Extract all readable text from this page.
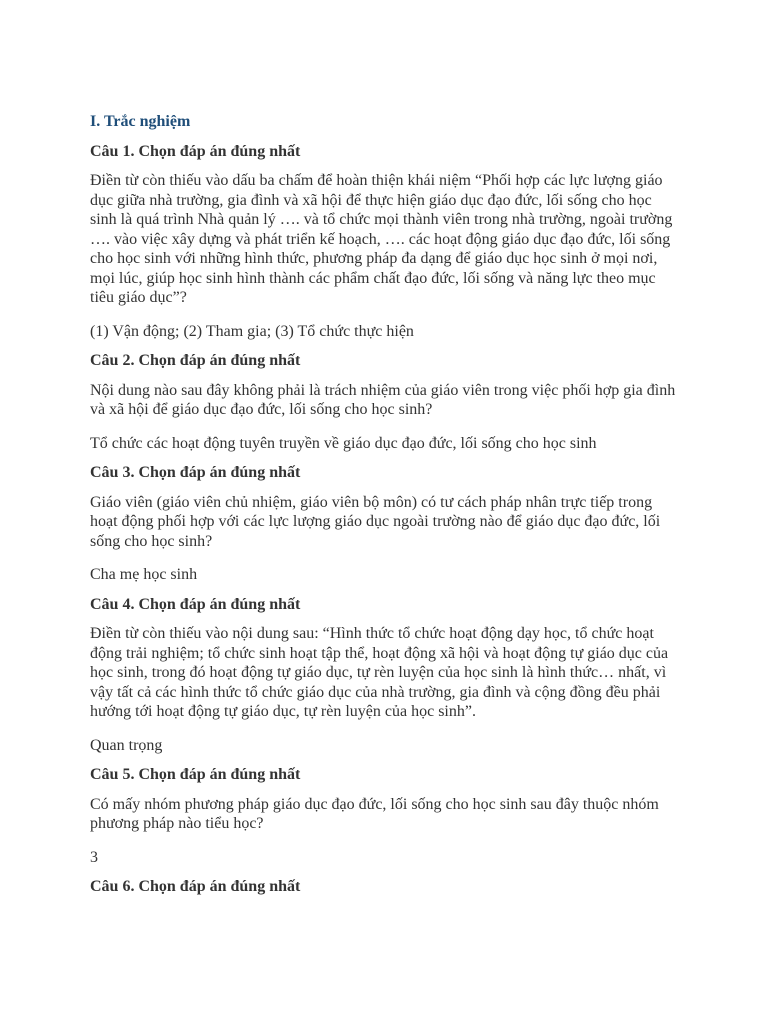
I. Trắc nghiệm
Câu 1. Chọn đáp án đúng nhất
Điền từ còn thiếu vào dấu ba chấm để hoàn thiện khái niệm “Phối hợp các lực lượng giáo dục giữa nhà trường, gia đình và xã hội để thực hiện giáo dục đạo đức, lối sống cho học sinh là quá trình Nhà quản lý …. và tổ chức mọi thành viên trong nhà trường, ngoài trường …. vào việc xây dựng và phát triển kế hoạch, …. các hoạt động giáo dục đạo đức, lối sống cho học sinh với những hình thức, phương pháp đa dạng để giáo dục học sinh ở mọi nơi, mọi lúc, giúp học sinh hình thành các phẩm chất đạo đức, lối sống và năng lực theo mục tiêu giáo dục”?
(1) Vận động; (2) Tham gia; (3) Tổ chức thực hiện
Câu 2. Chọn đáp án đúng nhất
Nội dung nào sau đây không phải là trách nhiệm của giáo viên trong việc phối hợp gia đình và xã hội để giáo dục đạo đức, lối sống cho học sinh?
Tổ chức các hoạt động tuyên truyền về giáo dục đạo đức, lối sống cho học sinh
Câu 3. Chọn đáp án đúng nhất
Giáo viên (giáo viên chủ nhiệm, giáo viên bộ môn) có tư cách pháp nhân trực tiếp trong hoạt động phối hợp với các lực lượng giáo dục ngoài trường nào để giáo dục đạo đức, lối sống cho học sinh?
Cha mẹ học sinh
Câu 4. Chọn đáp án đúng nhất
Điền từ còn thiếu vào nội dung sau: “Hình thức tổ chức hoạt động dạy học, tổ chức hoạt động trải nghiệm; tổ chức sinh hoạt tập thể, hoạt động xã hội và hoạt động tự giáo dục của học sinh, trong đó hoạt động tự giáo dục, tự rèn luyện của học sinh là hình thức… nhất, vì vậy tất cả các hình thức tổ chức giáo dục của nhà trường, gia đình và cộng đồng đều phải hướng tới hoạt động tự giáo dục, tự rèn luyện của học sinh”.
Quan trọng
Câu 5. Chọn đáp án đúng nhất
Có mấy nhóm phương pháp giáo dục đạo đức, lối sống cho học sinh sau đây thuộc nhóm phương pháp nào tiểu học?
3
Câu 6. Chọn đáp án đúng nhất
